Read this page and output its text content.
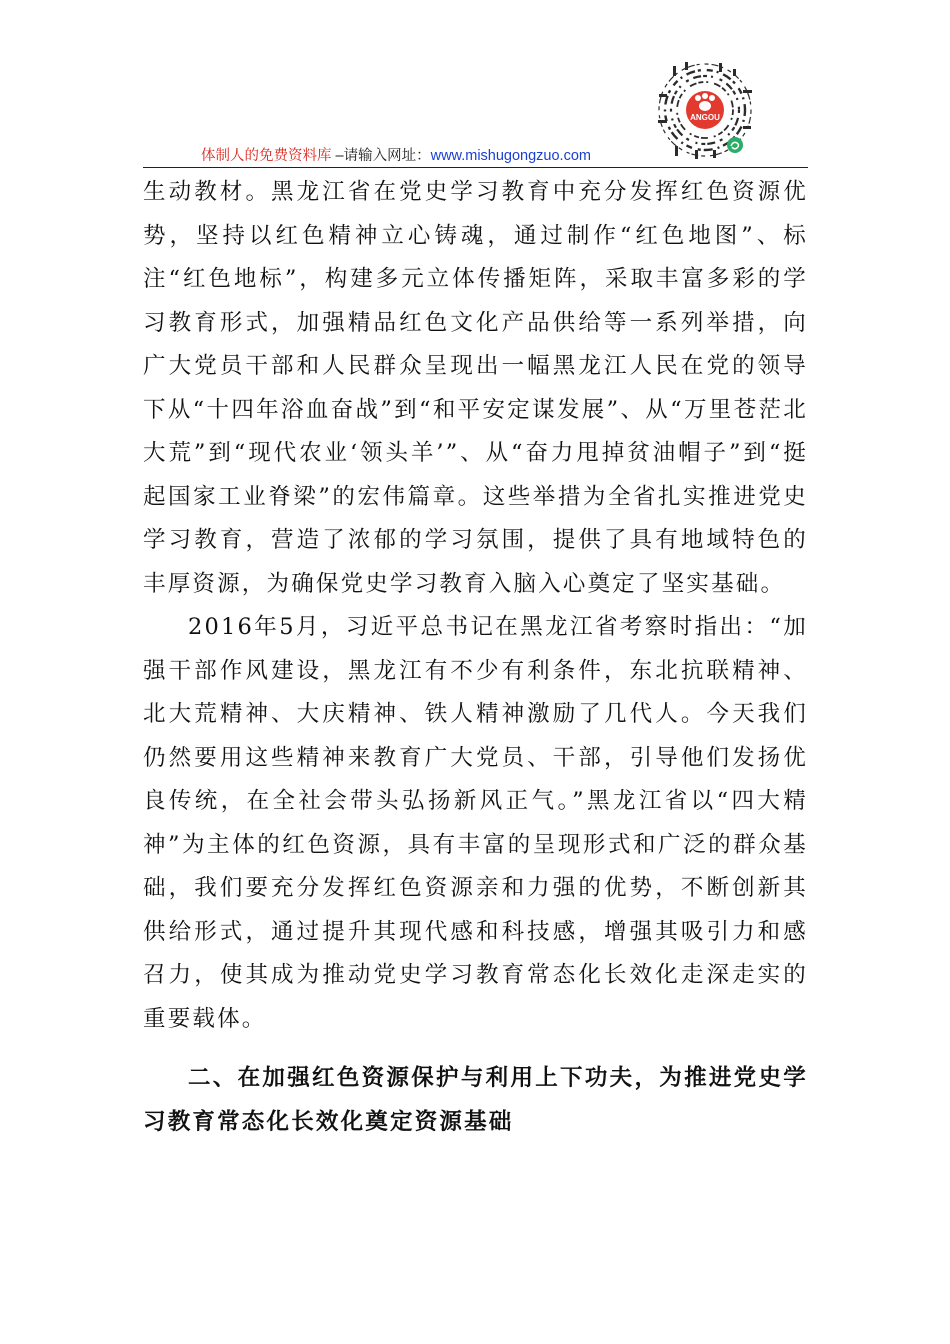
ANGOU
体制人的免费资料库 –请输入网址：www.mishugongzuo.com

生动教材。黑龙江省在党史学习教育中充分发挥红色资源优势，坚持以红色精神立心铸魂，通过制作“红色地图”、标注“红色地标”，构建多元立体传播矩阵，采取丰富多彩的学习教育形式，加强精品红色文化产品供给等一系列举措，向广大党员干部和人民群众呈现出一幅黑龙江人民在党的领导下从“十四年浴血奋战”到“和平安定谋发展”、从“万里苍茫北大荒”到“现代农业‘领头羊’”、从“奋力甩掉贫油帽子”到“挺起国家工业脊梁”的宏伟篇章。这些举措为全省扎实推进党史学习教育，营造了浓郁的学习氛围，提供了具有地域特色的丰厚资源，为确保党史学习教育入脑入心奠定了坚实基础。

2016年5月，习近平总书记在黑龙江省考察时指出：“加强干部作风建设，黑龙江有不少有利条件，东北抗联精神、北大荒精神、大庆精神、铁人精神激励了几代人。今天我们仍然要用这些精神来教育广大党员、干部，引导他们发扬优良传统，在全社会带头弘扬新风正气。”黑龙江省以“四大精神”为主体的红色资源，具有丰富的呈现形式和广泛的群众基础，我们要充分发挥红色资源亲和力强的优势，不断创新其供给形式，通过提升其现代感和科技感，增强其吸引力和感召力，使其成为推动党史学习教育常态化长效化走深走实的重要载体。

二、在加强红色资源保护与利用上下功夫，为推进党史学习教育常态化长效化奠定资源基础
